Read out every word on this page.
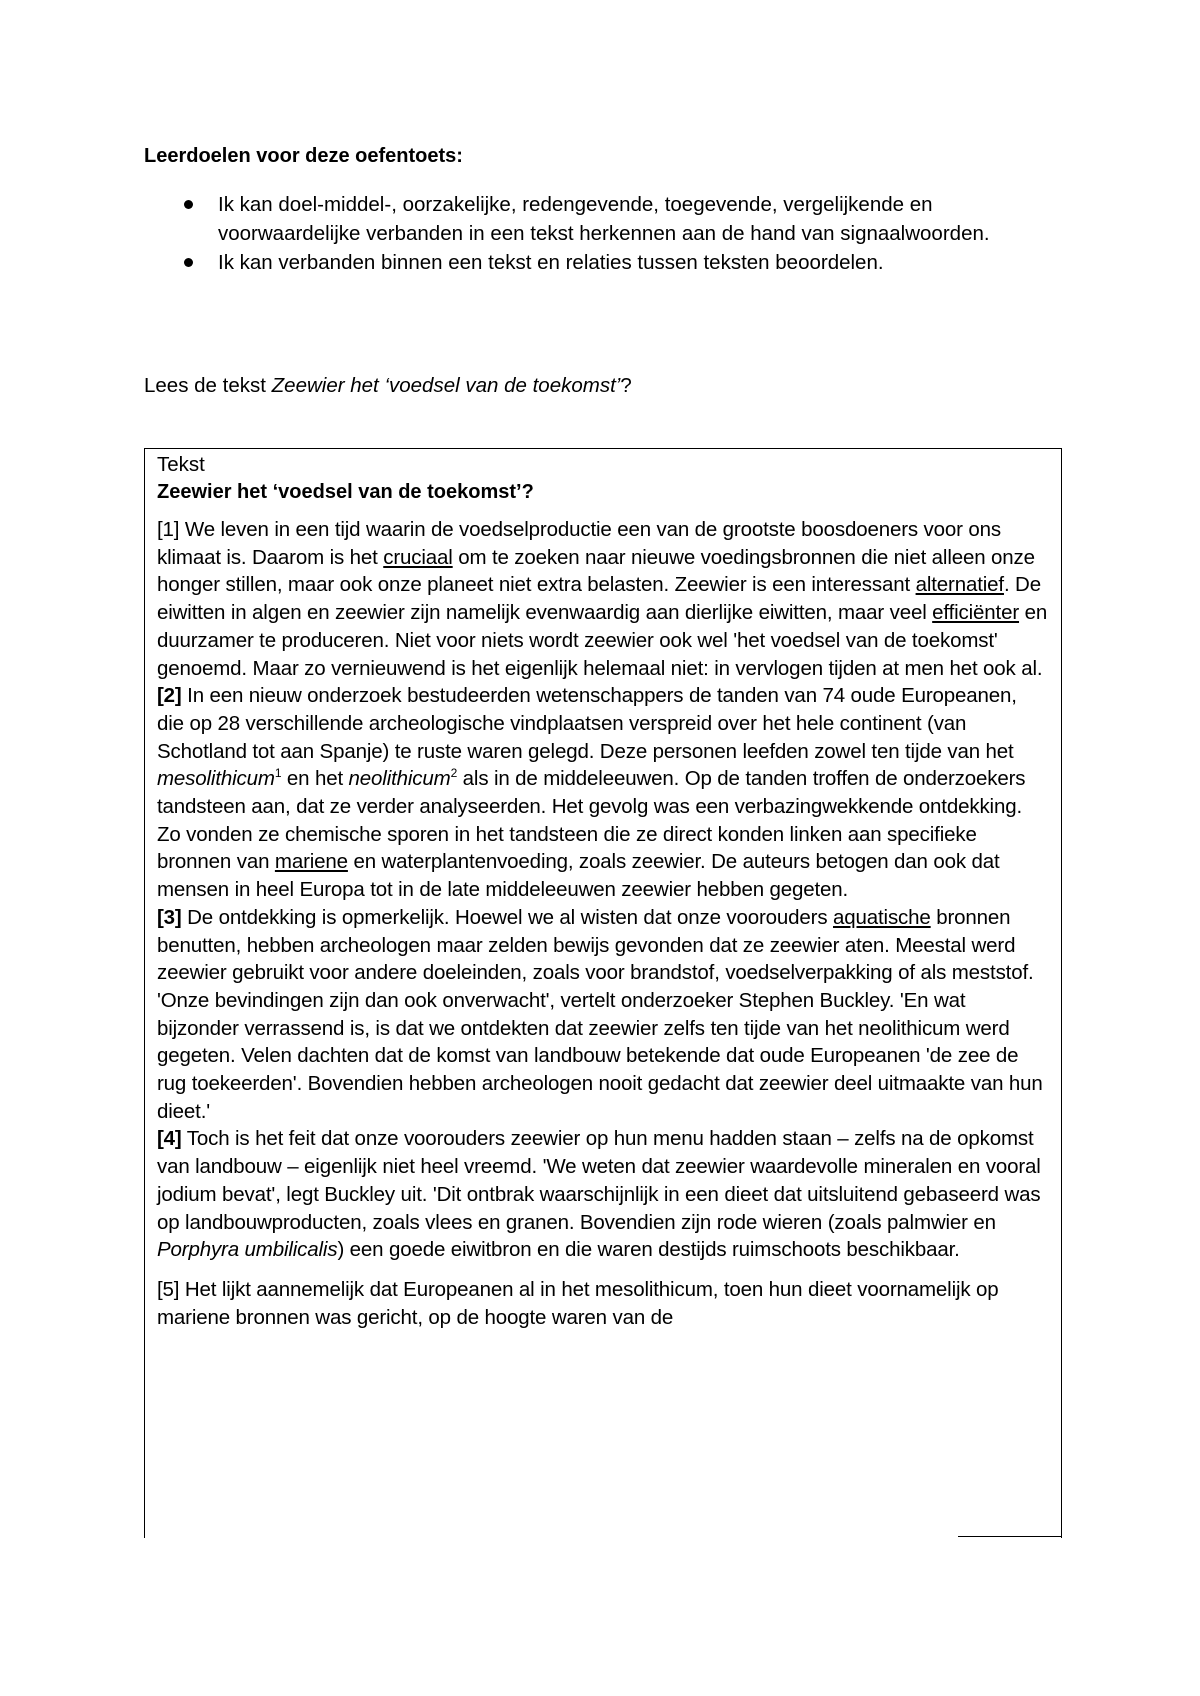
Leerdoelen voor deze oefentoets:

Ik kan doel-middel-, oorzakelijke, redengevende, toegevende, vergelijkende en voorwaardelijke verbanden in een tekst herkennen aan de hand van signaalwoorden.
Ik kan verbanden binnen een tekst en relaties tussen teksten beoordelen.

Lees de tekst Zeewier het ‘voedsel van de toekomst’?

Tekst

Zeewier het ‘voedsel van de toekomst’?

[1] We leven in een tijd waarin de voedselproductie een van de grootste boosdoeners voor ons klimaat is. Daarom is het cruciaal om te zoeken naar nieuwe voedingsbronnen die niet alleen onze honger stillen, maar ook onze planeet niet extra belasten. Zeewier is een interessant alternatief. De eiwitten in algen en zeewier zijn namelijk evenwaardig aan dierlijke eiwitten, maar veel efficiënter en duurzamer te produceren. Niet voor niets wordt zeewier ook wel 'het voedsel van de toekomst' genoemd. Maar zo vernieuwend is het eigenlijk helemaal niet: in vervlogen tijden at men het ook al.

[2] In een nieuw onderzoek bestudeerden wetenschappers de tanden van 74 oude Europeanen, die op 28 verschillende archeologische vindplaatsen verspreid over het hele continent (van Schotland tot aan Spanje) te ruste waren gelegd. Deze personen leefden zowel ten tijde van het mesolithicum$^1$ en het neolithicum$^2$ als in de middeleeuwen. Op de tanden troffen de onderzoekers tandsteen aan, dat ze verder analyseerden. Het gevolg was een verbazingwekkende ontdekking. Zo vonden ze chemische sporen in het tandsteen die ze direct konden linken aan specifieke bronnen van mariene en waterplantenvoeding, zoals zeewier. De auteurs betogen dan ook dat mensen in heel Europa tot in de late middeleeuwen zeewier hebben gegeten.

[3] De ontdekking is opmerkelijk. Hoewel we al wisten dat onze voorouders aquatische bronnen benutten, hebben archeologen maar zelden bewijs gevonden dat ze zeewier aten. Meestal werd zeewier gebruikt voor andere doeleinden, zoals voor brandstof, voedselverpakking of als meststof. 'Onze bevindingen zijn dan ook onverwacht', vertelt onderzoeker Stephen Buckley. 'En wat bijzonder verrassend is, is dat we ontdekten dat zeewier zelfs ten tijde van het neolithicum werd gegeten. Velen dachten dat de komst van landbouw betekende dat oude Europeanen 'de zee de rug toekeerden'. Bovendien hebben archeologen nooit gedacht dat zeewier deel uitmaakte van hun dieet.'

[4] Toch is het feit dat onze voorouders zeewier op hun menu hadden staan – zelfs na de opkomst van landbouw – eigenlijk niet heel vreemd. 'We weten dat zeewier waardevolle mineralen en vooral jodium bevat', legt Buckley uit. 'Dit ontbrak waarschijnlijk in een dieet dat uitsluitend gebaseerd was op landbouwproducten, zoals vlees en granen. Bovendien zijn rode wieren (zoals palmwier en Porphyra umbilicalis) een goede eiwitbron en die waren destijds ruimschoots beschikbaar.

[5] Het lijkt aannemelijk dat Europeanen al in het mesolithicum, toen hun dieet voornamelijk op mariene bronnen was gericht, op de hoogte waren van de
